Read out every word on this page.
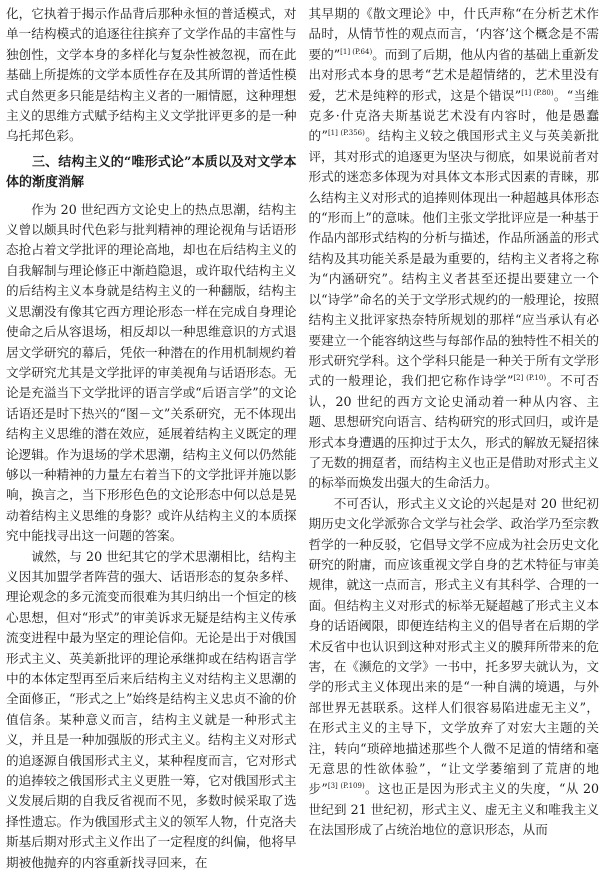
化，它执着于揭示作品背后那种永恒的普适模式，对单一结构模式的追逐往往摈弃了文学作品的丰富性与独创性，文学本身的多样化与复杂性被忽视，而在此基础上所提炼的文学本质性存在及其所谓的普适性模式自然更多只能是结构主义者的一厢情愿，这种理想主义的思维方式赋予结构主义文学批评更多的是一种乌托邦色彩。

三、结构主义的“唯形式论”本质以及对文学本体的渐度消解

作为 20 世纪西方文论史上的热点思潮，结构主义曾以颇具时代色彩与批判精神的理论视角与话语形态抢占着文学批评的理论高地，却也在后结构主义的自我解制与理论修正中渐趋隐退，或许取代结构主义的后结构主义本身就是结构主义的一种翻版，结构主义思潮没有像其它西方理论形态一样在完成自身理论使命之后从容退场，相反却以一种思维意识的方式退居文学研究的幕后，凭依一种潜在的作用机制规约着文学研究尤其是文学批评的审美视角与话语形态。无论是充溢当下文学批评的语言学或“后语言学”的文论话语还是时下热兴的“图－文”关系研究，无不体现出结构主义思维的潜在效应，延展着结构主义既定的理论逻辑。作为退场的学术思潮，结构主义何以仍然能够以一种精神的力量左右着当下的文学批评并施以影响，换言之，当下形形色色的文论形态中何以总是晃动着结构主义思维的身影？或许从结构主义的本质探究中能找寻出这一问题的答案。

诚然，与 20 世纪其它的学术思潮相比，结构主义因其加盟学者阵营的强大、话语形态的复杂多样、理论观念的多元流变而很难为其归纳出一个恒定的核心思想，但对“形式”的审美诉求无疑是结构主义传承流变进程中最为坚定的理论信仰。无论是出于对俄国形式主义、英美新批评的理论承继抑或在结构语言学中的本体定型再至后来后结构主义对结构主义思潮的全面修正，“形式之上”始终是结构主义忠贞不渝的价值信条。某种意义而言，结构主义就是一种形式主义，并且是一种加强版的形式主义。结构主义对形式的追逐源自俄国形式主义，某种程度而言，它对形式的追捧较之俄国形式主义更胜一筹，它对俄国形式主义发展后期的自我反省视而不见，多数时候采取了选择性遗忘。作为俄国形式主义的领军人物，什克洛夫斯基后期对形式主义作出了一定程度的纠偏，他将早期被他抛弃的内容重新找寻回来，在

其早期的《散文理论》中，什氏声称“在分析艺术作品时，从情节性的观点而言，‘内容’这个概念是不需要的”$^{[1] (P.64)}$。而到了后期，他从内省的基础上重新发出对形式本身的思考“艺术是超情绪的，艺术里没有爱，艺术是纯粹的形式，这是个错误”$^{[1] (P.80)}$。“当维克多·什克洛夫斯基说艺术没有内容时，他是愚蠢的”$^{[1] (P.356)}$。结构主义较之俄国形式主义与英美新批评，其对形式的追逐更为坚决与彻底，如果说前者对形式的迷恋多体现为对具体文本形式因素的青睐，那么结构主义对形式的追捧则体现出一种超越具体形态的“形而上”的意味。他们主张文学批评应是一种基于作品内部形式结构的分析与描述，作品所涵盖的形式结构及其功能关系是最为重要的，结构主义者将之称为“内涵研究”。结构主义者甚至还提出要建立一个以“诗学”命名的关于文学形式规约的一般理论，按照结构主义批评家热奈特所规划的那样“应当承认有必要建立一个能容纳这些与每部作品的独特性不相关的形式研究学科。这个学科只能是一种关于所有文学形式的一般理论，我们把它称作诗学”$^{[2] (P.10)}$。不可否认，20 世纪的西方文论史涌动着一种从内容、主题、思想研究向语言、结构研究的形式回归，或许是形式本身遭遇的压抑过于太久，形式的解放无疑招徕了无数的拥趸者，而结构主义也正是借助对形式主义的标举而焕发出强大的生命活力。

不可否认，形式主义文论的兴起是对 20 世纪初期历史文化学派弥合文学与社会学、政治学乃至宗教哲学的一种反驳，它倡导文学不应成为社会历史文化研究的附庸，而应该重视文学自身的艺术特征与审美规律，就这一点而言，形式主义有其科学、合理的一面。但结构主义对形式的标举无疑超越了形式主义本身的话语阈限，即便连结构主义的倡导者在后期的学术反省中也认识到这种对形式主义的膜拜所带来的危害，在《濒危的文学》一书中，托多罗夫就认为，文学的形式主义体现出来的是“一种自满的境遇，与外部世界无甚联系。这样人们很容易陷进虚无主义”，在形式主义的主导下，文学放弃了对宏大主题的关注，转向“琐碎地描述那些个人微不足道的情绪和毫无意思的性欲体验”，“让文学萎缩到了荒唐的地步”$^{[3] (P.109)}$。这也正是因为形式主义的失度，“从 20 世纪到 21 世纪初，形式主义、虚无主义和唯我主义在法国形成了占统治地位的意识形态，从而
